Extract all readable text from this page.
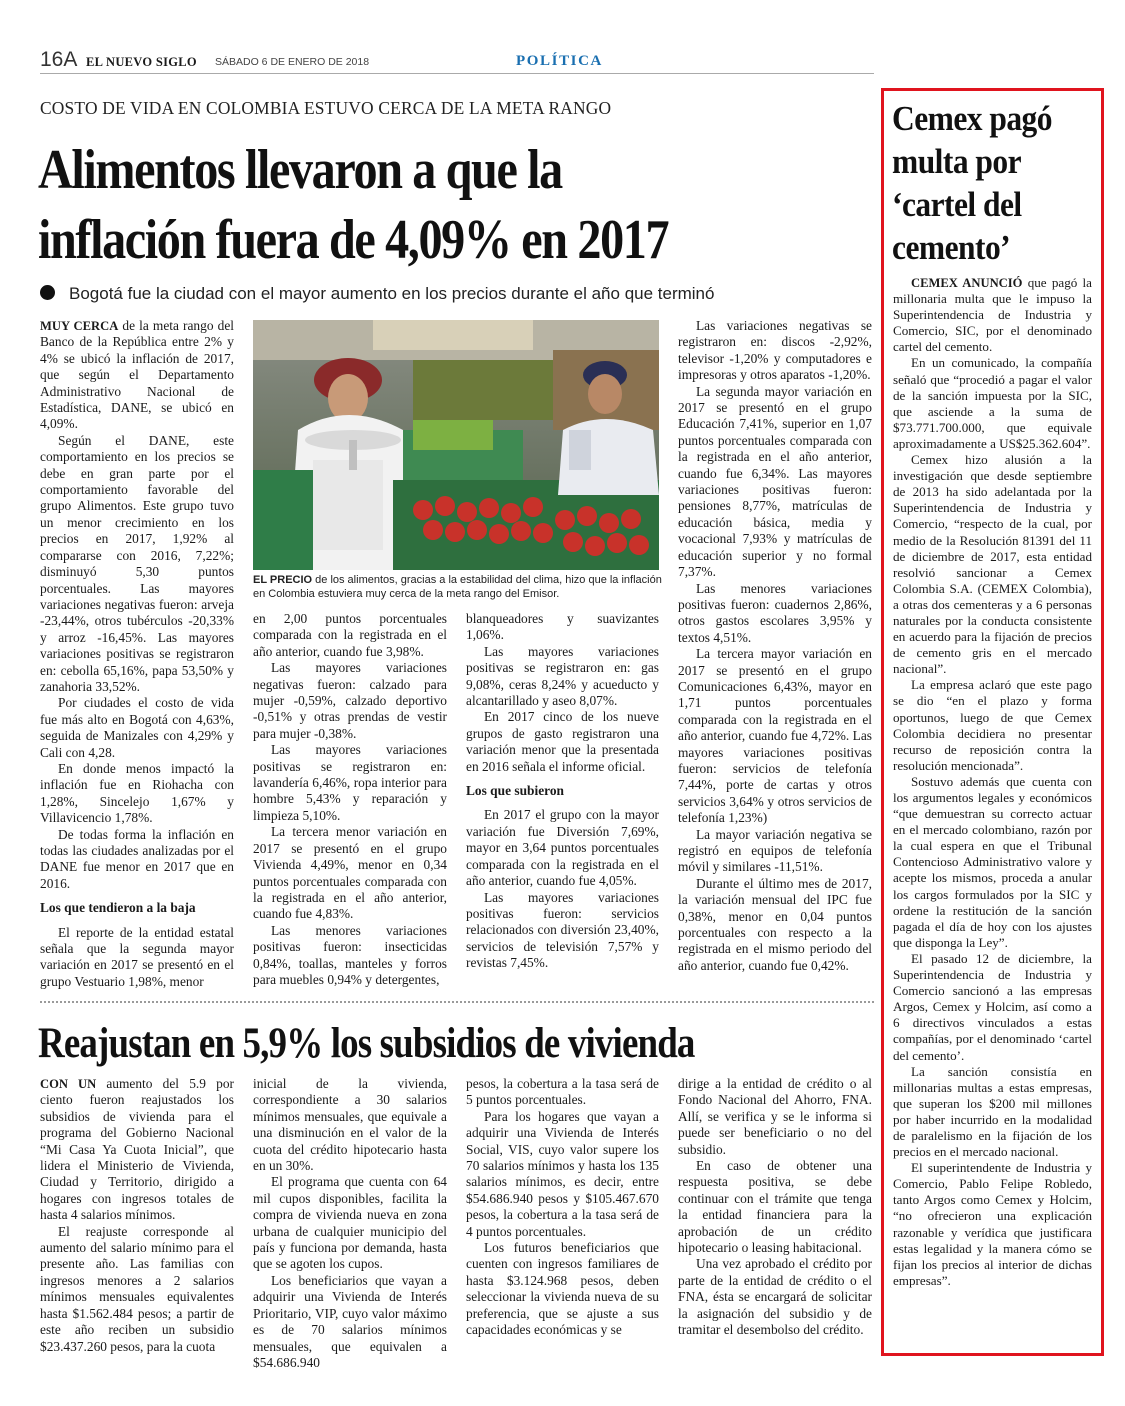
16A EL NUEVO SIGLO SÁBADO 6 DE ENERO DE 2018	POLÍTICA
COSTO DE VIDA EN COLOMBIA ESTUVO CERCA DE LA META RANGO
Alimentos llevaron a que la
inflación fuera de 4,09% en 2017
Bogotá fue la ciudad con el mayor aumento en los precios durante el año que terminó
EL PRECIO de los alimentos, gracias a la estabilidad del clima, hizo que la inflación en Colombia estuviera muy cerca de la meta rango del Emisor.

MUY CERCA de la meta rango del Banco de la República entre 2% y 4% se ubicó la inflación de 2017, que según el Departamento Administrativo Nacional de Estadística, DANE, se ubicó en 4,09%.

Según el DANE, este comportamiento en los precios se debe en gran parte por el comportamiento favorable del grupo Alimentos. Este grupo tuvo un menor crecimiento en los precios en 2017, 1,92% al compararse con 2016, 7,22%; disminuyó 5,30 puntos porcentuales. Las mayores variaciones negativas fueron: arveja -23,44%, otros tubérculos -20,33% y arroz -16,45%. Las mayores variaciones positivas se registraron en: cebolla 65,16%, papa 53,50% y zanahoria 33,52%.

Por ciudades el costo de vida fue más alto en Bogotá con 4,63%, seguida de Manizales con 4,29% y Cali con 4,28.

En donde menos impactó la inflación fue en Riohacha con 1,28%, Sincelejo 1,67% y Villavicencio 1,78%.

De todas forma la inflación en todas las ciudades analizadas por el DANE fue menor en 2017 que en 2016.

Los que tendieron a la baja

El reporte de la entidad estatal señala que la segunda mayor variación en 2017 se presentó en el grupo Vestuario 1,98%, menor

en 2,00 puntos porcentuales comparada con la registrada en el año anterior, cuando fue 3,98%.

Las mayores variaciones negativas fueron: calzado para mujer -0,59%, calzado deportivo -0,51% y otras prendas de vestir para mujer -0,38%.

Las mayores variaciones positivas se registraron en: lavandería 6,46%, ropa interior para hombre 5,43% y reparación y limpieza 5,10%.

La tercera menor variación en 2017 se presentó en el grupo Vivienda 4,49%, menor en 0,34 puntos porcentuales comparada con la registrada en el año anterior, cuando fue 4,83%.

Las menores variaciones positivas fueron: insecticidas 0,84%, toallas, manteles y forros para muebles 0,94% y detergentes,

blanqueadores y suavizantes 1,06%.

Las mayores variaciones positivas se registraron en: gas 9,08%, ceras 8,24% y acueducto y alcantarillado y aseo 8,07%.

En 2017 cinco de los nueve grupos de gasto registraron una variación menor que la presentada en 2016 señala el informe oficial.

Los que subieron

En 2017 el grupo con la mayor variación fue Diversión 7,69%, mayor en 3,64 puntos porcentuales comparada con la registrada en el año anterior, cuando fue 4,05%.

Las mayores variaciones positivas fueron: servicios relacionados con diversión 23,40%, servicios de televisión 7,57% y revistas 7,45%.

Las variaciones negativas se registraron en: discos -2,92%, televisor -1,20% y computadores e impresoras y otros aparatos -1,20%.

La segunda mayor variación en 2017 se presentó en el grupo Educación 7,41%, superior en 1,07 puntos porcentuales comparada con la registrada en el año anterior, cuando fue 6,34%. Las mayores variaciones positivas fueron: pensiones 8,77%, matrículas de educación básica, media y vocacional 7,93% y matrículas de educación superior y no formal 7,37%.

Las menores variaciones positivas fueron: cuadernos 2,86%, otros gastos escolares 3,95% y textos 4,51%.

La tercera mayor variación en 2017 se presentó en el grupo Comunicaciones 6,43%, mayor en 1,71 puntos porcentuales comparada con la registrada en el año anterior, cuando fue 4,72%. Las mayores variaciones positivas fueron: servicios de telefonía 7,44%, porte de cartas y otros servicios 3,64% y otros servicios de telefonía 1,23%)

La mayor variación negativa se registró en equipos de telefonía móvil y similares -11,51%.

Durante el último mes de 2017, la variación mensual del IPC fue 0,38%, menor en 0,04 puntos porcentuales con respecto a la registrada en el mismo periodo del año anterior, cuando fue 0,42%.

Reajustan en 5,9% los subsidios de vivienda

CON UN aumento del 5.9 por ciento fueron reajustados los subsidios de vivienda para el programa del Gobierno Nacional “Mi Casa Ya Cuota Inicial”, que lidera el Ministerio de Vivienda, Ciudad y Territorio, dirigido a hogares con ingresos totales de hasta 4 salarios mínimos.

El reajuste corresponde al aumento del salario mínimo para el presente año. Las familias con ingresos menores a 2 salarios mínimos mensuales equivalentes hasta $1.562.484 pesos; a partir de este año reciben un subsidio $23.437.260 pesos, para la cuota

inicial de la vivienda, correspondiente a 30 salarios mínimos mensuales, que equivale a una disminución en el valor de la cuota del crédito hipotecario hasta en un 30%.

El programa que cuenta con 64 mil cupos disponibles, facilita la compra de vivienda nueva en zona urbana de cualquier municipio del país y funciona por demanda, hasta que se agoten los cupos.

Los beneficiarios que vayan a adquirir una Vivienda de Interés Prioritario, VIP, cuyo valor máximo es de 70 salarios mínimos mensuales, que equivalen a $54.686.940

pesos, la cobertura a la tasa será de 5 puntos porcentuales.

Para los hogares que vayan a adquirir una Vivienda de Interés Social, VIS, cuyo valor supere los 70 salarios mínimos y hasta los 135 salarios mínimos, es decir, entre $54.686.940 pesos y $105.467.670 pesos, la cobertura a la tasa será de 4 puntos porcentuales.

Los futuros beneficiarios que cuenten con ingresos familiares de hasta $3.124.968 pesos, deben seleccionar la vivienda nueva de su preferencia, que se ajuste a sus capacidades económicas y se

dirige a la entidad de crédito o al Fondo Nacional del Ahorro, FNA. Allí, se verifica y se le informa si puede ser beneficiario o no del subsidio.

En caso de obtener una respuesta positiva, se debe continuar con el trámite que tenga la entidad financiera para la aprobación de un crédito hipotecario o leasing habitacional.

Una vez aprobado el crédito por parte de la entidad de crédito o el FNA, ésta se encargará de solicitar la asignación del subsidio y de tramitar el desembolso del crédito.

Cemex pagó
multa por
‘cartel del
cemento’

CEMEX ANUNCIÓ que pagó la millonaria multa que le impuso la Superintendencia de Industria y Comercio, SIC, por el denominado cartel del cemento.

En un comunicado, la compañía señaló que “procedió a pagar el valor de la sanción impuesta por la SIC, que asciende a la suma de $73.771.700.000, que equivale aproximadamente a US$25.362.604”.

Cemex hizo alusión a la investigación que desde septiembre de 2013 ha sido adelantada por la Superintendencia de Industria y Comercio, “respecto de la cual, por medio de la Resolución 81391 del 11 de diciembre de 2017, esta entidad resolvió sancionar a Cemex Colombia S.A. (CEMEX Colombia), a otras dos cementeras y a 6 personas naturales por la conducta consistente en acuerdo para la fijación de precios de cemento gris en el mercado nacional”.

La empresa aclaró que este pago se dio “en el plazo y forma oportunos, luego de que Cemex Colombia decidiera no presentar recurso de reposición contra la resolución mencionada”.

Sostuvo además que cuenta con los argumentos legales y económicos “que demuestran su correcto actuar en el mercado colombiano, razón por la cual espera en que el Tribunal Contencioso Administrativo valore y acepte los mismos, proceda a anular los cargos formulados por la SIC y ordene la restitución de la sanción pagada el día de hoy con los ajustes que disponga la Ley”.

El pasado 12 de diciembre, la Superintendencia de Industria y Comercio sancionó a las empresas Argos, Cemex y Holcim, así como a 6 directivos vinculados a estas compañías, por el denominado ‘cartel del cemento’.

La sanción consistía en millonarias multas a estas empresas, que superan los $200 mil millones por haber incurrido en la modalidad de paralelismo en la fijación de los precios en el mercado nacional.

El superintendente de Industria y Comercio, Pablo Felipe Robledo, tanto Argos como Cemex y Holcim, “no ofrecieron una explicación razonable y verídica que justificara estas legalidad y la manera cómo se fijan los precios al interior de dichas empresas”.
